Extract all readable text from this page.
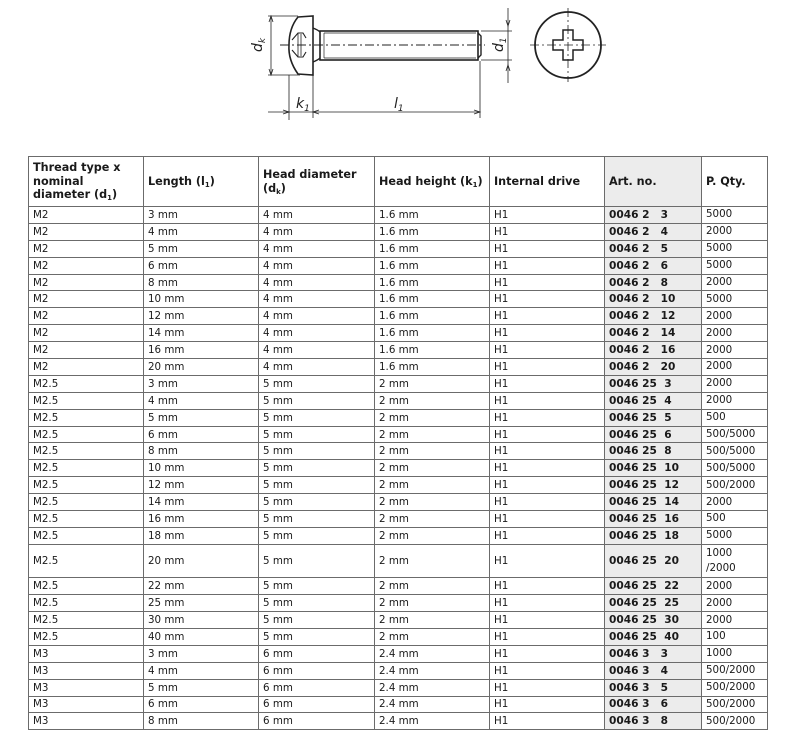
$d_k$
$d_1$
$k_1$	$l_1$
Thread type x nominal diameter $(d_1)$	Length $(l_1)$	Head diameter $(d_k)$	Head height $(k_1)$	Internal drive	Art. no.	P. Qty.
M2	3 mm	4 mm	1.6 mm	H1	0046 2   3	5000
M2	4 mm	4 mm	1.6 mm	H1	0046 2   4	2000
M2	5 mm	4 mm	1.6 mm	H1	0046 2   5	5000
M2	6 mm	4 mm	1.6 mm	H1	0046 2   6	5000
M2	8 mm	4 mm	1.6 mm	H1	0046 2   8	2000
M2	10 mm	4 mm	1.6 mm	H1	0046 2   10	5000
M2	12 mm	4 mm	1.6 mm	H1	0046 2   12	2000
M2	14 mm	4 mm	1.6 mm	H1	0046 2   14	2000
M2	16 mm	4 mm	1.6 mm	H1	0046 2   16	2000
M2	20 mm	4 mm	1.6 mm	H1	0046 2   20	2000
M2.5	3 mm	5 mm	2 mm	H1	0046 25  3	2000
M2.5	4 mm	5 mm	2 mm	H1	0046 25  4	2000
M2.5	5 mm	5 mm	2 mm	H1	0046 25  5	500
M2.5	6 mm	5 mm	2 mm	H1	0046 25  6	500/5000
M2.5	8 mm	5 mm	2 mm	H1	0046 25  8	500/5000
M2.5	10 mm	5 mm	2 mm	H1	0046 25  10	500/5000
M2.5	12 mm	5 mm	2 mm	H1	0046 25  12	500/2000
M2.5	14 mm	5 mm	2 mm	H1	0046 25  14	2000
M2.5	16 mm	5 mm	2 mm	H1	0046 25  16	500
M2.5	18 mm	5 mm	2 mm	H1	0046 25  18	5000
M2.5	20 mm	5 mm	2 mm	H1	0046 25  20	1000 /2000
M2.5	22 mm	5 mm	2 mm	H1	0046 25  22	2000
M2.5	25 mm	5 mm	2 mm	H1	0046 25  25	2000
M2.5	30 mm	5 mm	2 mm	H1	0046 25  30	2000
M2.5	40 mm	5 mm	2 mm	H1	0046 25  40	100
M3	3 mm	6 mm	2.4 mm	H1	0046 3   3	1000
M3	4 mm	6 mm	2.4 mm	H1	0046 3   4	500/2000
M3	5 mm	6 mm	2.4 mm	H1	0046 3   5	500/2000
M3	6 mm	6 mm	2.4 mm	H1	0046 3   6	500/2000
M3	8 mm	6 mm	2.4 mm	H1	0046 3   8	500/2000
